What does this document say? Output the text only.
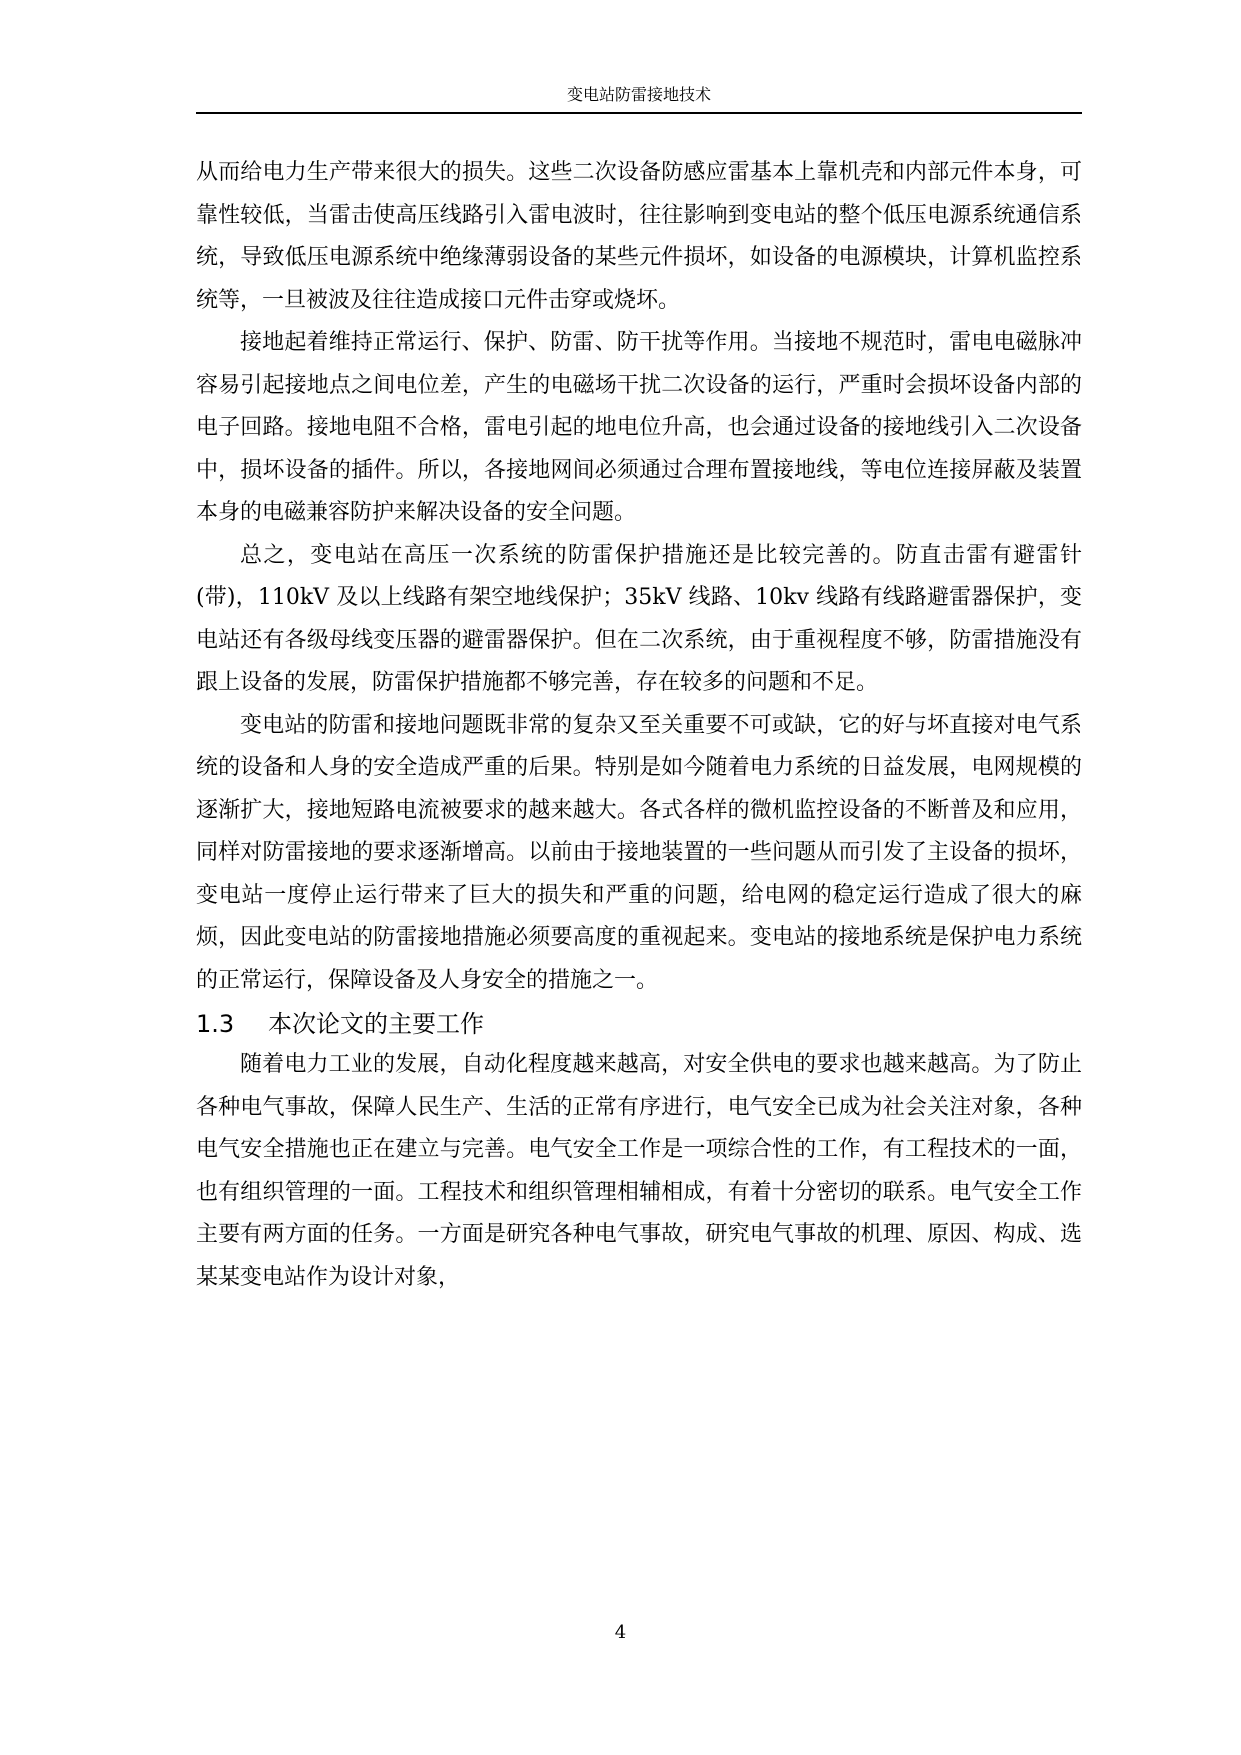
变电站防雷接地技术

从而给电力生产带来很大的损失。这些二次设备防感应雷基本上靠机壳和内部元件本身，可靠性较低，当雷击使高压线路引入雷电波时，往往影响到变电站的整个低压电源系统通信系统，导致低压电源系统中绝缘薄弱设备的某些元件损坏，如设备的电源模块，计算机监控系统等，一旦被波及往往造成接口元件击穿或烧坏。

接地起着维持正常运行、保护、防雷、防干扰等作用。当接地不规范时，雷电电磁脉冲容易引起接地点之间电位差，产生的电磁场干扰二次设备的运行，严重时会损坏设备内部的电子回路。接地电阻不合格，雷电引起的地电位升高，也会通过设备的接地线引入二次设备中，损坏设备的插件。所以，各接地网间必须通过合理布置接地线，等电位连接屏蔽及装置本身的电磁兼容防护来解决设备的安全问题。

总之，变电站在高压一次系统的防雷保护措施还是比较完善的。防直击雷有避雷针(带)，110kV 及以上线路有架空地线保护；35kV 线路、10kv 线路有线路避雷器保护，变电站还有各级母线变压器的避雷器保护。但在二次系统，由于重视程度不够，防雷措施没有跟上设备的发展，防雷保护措施都不够完善，存在较多的问题和不足。

变电站的防雷和接地问题既非常的复杂又至关重要不可或缺，它的好与坏直接对电气系统的设备和人身的安全造成严重的后果。特别是如今随着电力系统的日益发展，电网规模的逐渐扩大，接地短路电流被要求的越来越大。各式各样的微机监控设备的不断普及和应用，同样对防雷接地的要求逐渐增高。以前由于接地装置的一些问题从而引发了主设备的损坏，变电站一度停止运行带来了巨大的损失和严重的问题，给电网的稳定运行造成了很大的麻烦，因此变电站的防雷接地措施必须要高度的重视起来。变电站的接地系统是保护电力系统的正常运行，保障设备及人身安全的措施之一。

1.3 本次论文的主要工作

随着电力工业的发展，自动化程度越来越高，对安全供电的要求也越来越高。为了防止各种电气事故，保障人民生产、生活的正常有序进行，电气安全已成为社会关注对象，各种电气安全措施也正在建立与完善。电气安全工作是一项综合性的工作，有工程技术的一面，也有组织管理的一面。工程技术和组织管理相辅相成，有着十分密切的联系。电气安全工作主要有两方面的任务。一方面是研究各种电气事故，研究电气事故的机理、原因、构成、选某某变电站作为设计对象，

4
